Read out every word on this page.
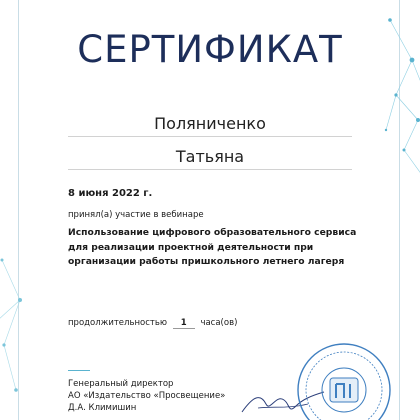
СЕРТИФИКАТ
Поляниченко
Татьяна
8 июня 2022 г.
принял(а) участие в вебинаре
Использование цифрового образовательного сервиса для реализации проектной деятельности при организации работы пришкольного летнего лагеря
продолжительностью 1 часа(ов)
Генеральный директор
АО «Издательство «Просвещение»
Д.А. Климишин
